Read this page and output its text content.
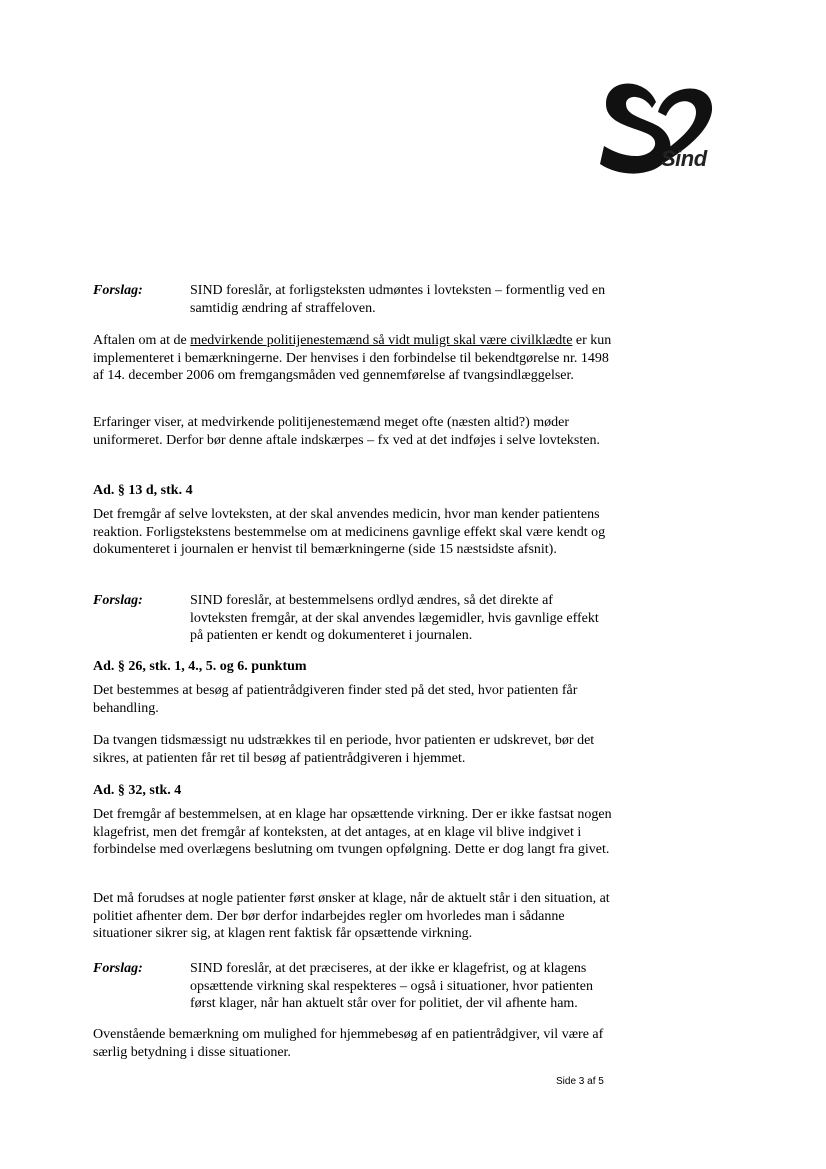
Sind
Forslag:	SIND foreslår, at forligsteksten udmøntes i lovteksten – formentlig ved en samtidig ændring af straffeloven.

Aftalen om at de medvirkende politijenestemænd så vidt muligt skal være civilklædte er kun implementeret i bemærkningerne. Der henvises i den forbindelse til bekendtgørelse nr. 1498 af 14. december 2006 om fremgangsmåden ved gennemførelse af tvangsindlæggelser.

Erfaringer viser, at medvirkende politijenestemænd meget ofte (næsten altid?) møder uniformeret. Derfor bør denne aftale indskærpes – fx ved at det indføjes i selve lovteksten.

Ad. § 13 d, stk. 4

Det fremgår af selve lovteksten, at der skal anvendes medicin, hvor man kender patientens reaktion. Forligstekstens bestemmelse om at medicinens gavnlige effekt skal være kendt og dokumenteret i journalen er henvist til bemærkningerne (side 15 næstsidste afsnit).

Forslag:	SIND foreslår, at bestemmelsens ordlyd ændres, så det direkte af lovteksten fremgår, at der skal anvendes lægemidler, hvis gavnlige effekt på patienten er kendt og dokumenteret i journalen.
Ad. § 26, stk. 1, 4., 5. og 6. punktum

Det bestemmes at besøg af patientrådgiveren finder sted på det sted, hvor patienten får behandling.

Da tvangen tidsmæssigt nu udstrækkes til en periode, hvor patienten er udskrevet, bør det sikres, at patienten får ret til besøg af patientrådgiveren i hjemmet.

Ad. § 32, stk. 4

Det fremgår af bestemmelsen, at en klage har opsættende virkning. Der er ikke fastsat nogen klagefrist, men det fremgår af konteksten, at det antages, at en klage vil blive indgivet i forbindelse med overlægens beslutning om tvungen opfølgning. Dette er dog langt fra givet.

Det må forudses at nogle patienter først ønsker at klage, når de aktuelt står i den situation, at politiet afhenter dem. Der bør derfor indarbejdes regler om hvorledes man i sådanne situationer sikrer sig, at klagen rent faktisk får opsættende virkning.

Forslag:	SIND foreslår, at det præciseres, at der ikke er klagefrist, og at klagens opsættende virkning skal respekteres – også i situationer, hvor patienten først klager, når han aktuelt står over for politiet, der vil afhente ham.

Ovenstående bemærkning om mulighed for hjemmebesøg af en patientrådgiver, vil være af særlig betydning i disse situationer.

Side 3 af 5
